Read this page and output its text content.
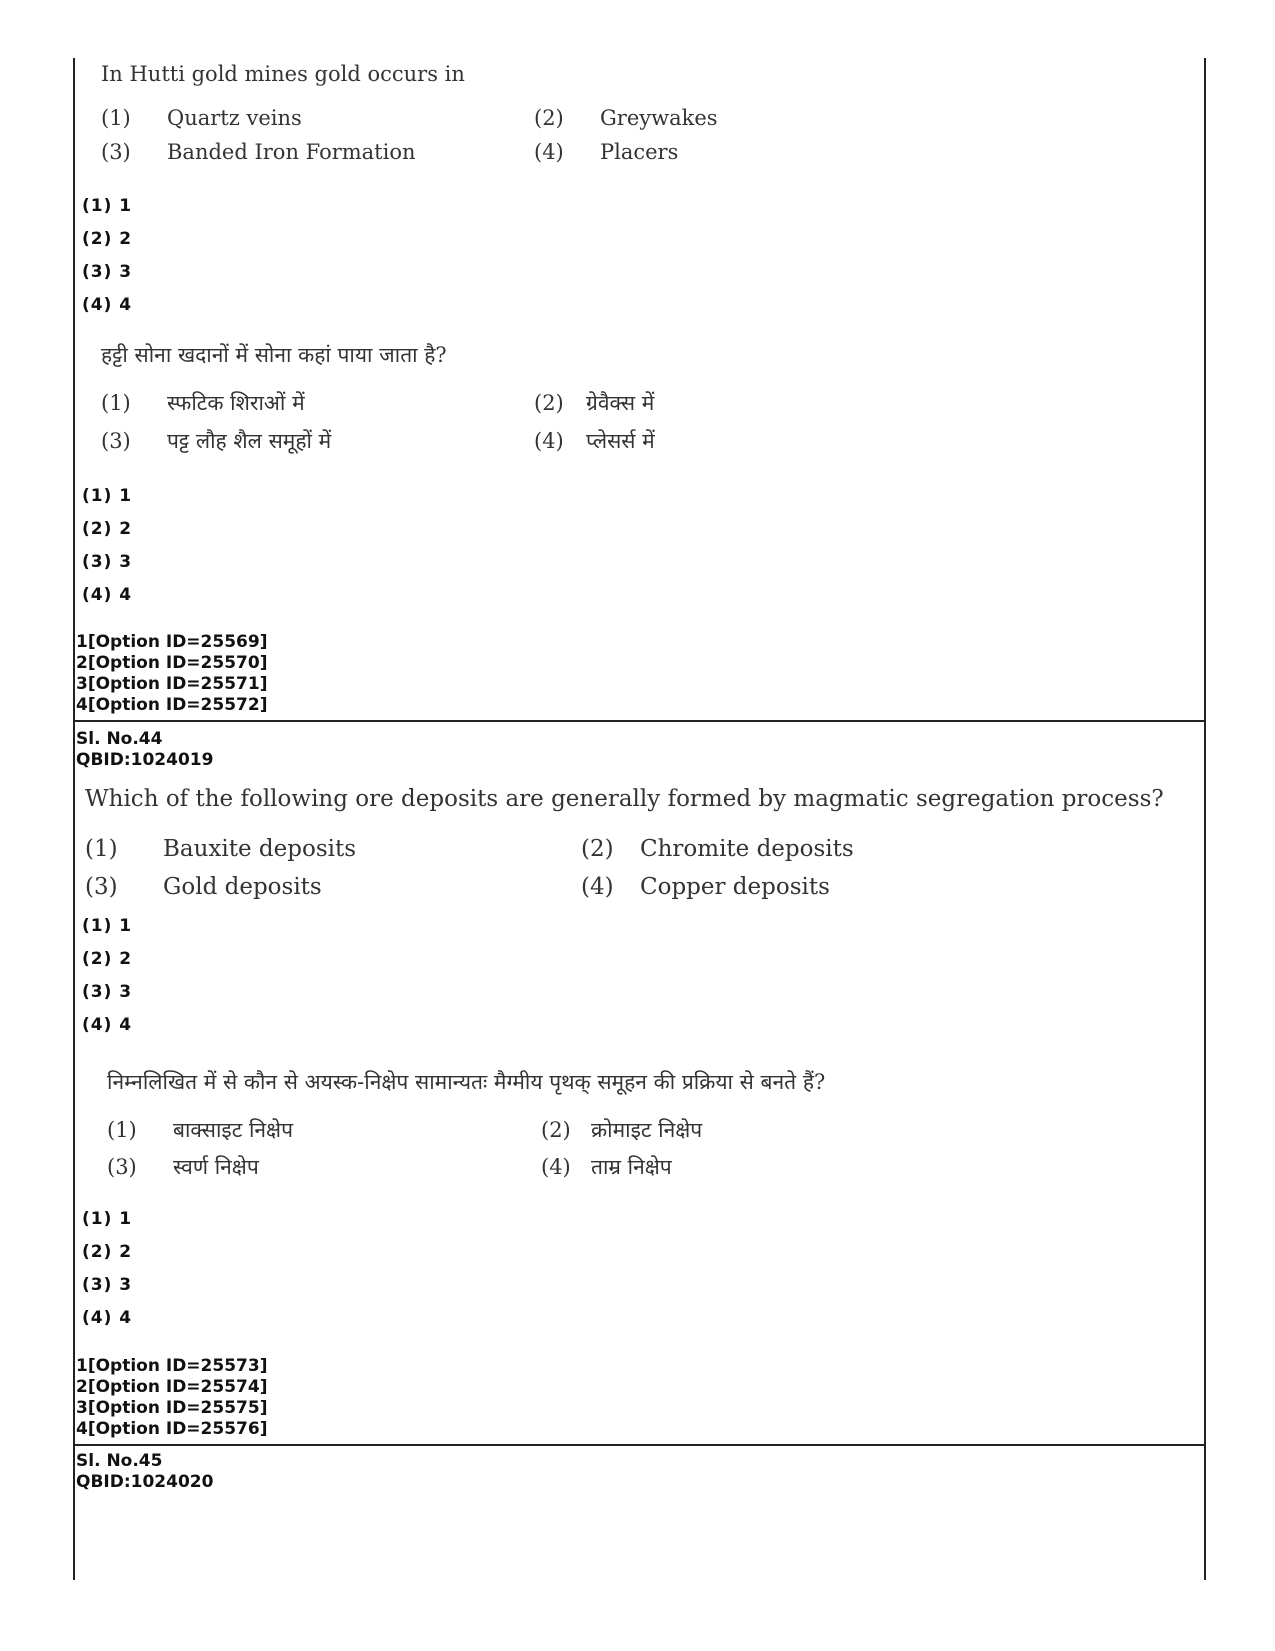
In Hutti gold mines gold occurs in
(1) Quartz veins	(2) Greywakes
(3) Banded Iron Formation	(4) Placers
(1) 1
(2) 2
(3) 3
(4) 4
हट्टी सोना खदानों में सोना कहां पाया जाता है?
(1) स्फटिक शिराओं में	(2) ग्रेवैक्स में
(3) पट्ट लौह शैल समूहों में	(4) प्लेसर्स में
(1) 1
(2) 2
(3) 3
(4) 4
1[Option ID=25569]
2[Option ID=25570]
3[Option ID=25571]
4[Option ID=25572]
Sl. No.44
QBID:1024019
Which of the following ore deposits are generally formed by magmatic segregation process?
(1) Bauxite deposits	(2) Chromite deposits
(3) Gold deposits	(4) Copper deposits
(1) 1
(2) 2
(3) 3
(4) 4
निम्नलिखित में से कौन से अयस्क-निक्षेप सामान्यतः मैग्मीय पृथक् समूहन की प्रक्रिया से बनते हैं?
(1) बाक्साइट निक्षेप	(2) क्रोमाइट निक्षेप
(3) स्वर्ण निक्षेप	(4) ताम्र निक्षेप
(1) 1
(2) 2
(3) 3
(4) 4
1[Option ID=25573]
2[Option ID=25574]
3[Option ID=25575]
4[Option ID=25576]
Sl. No.45
QBID:1024020
